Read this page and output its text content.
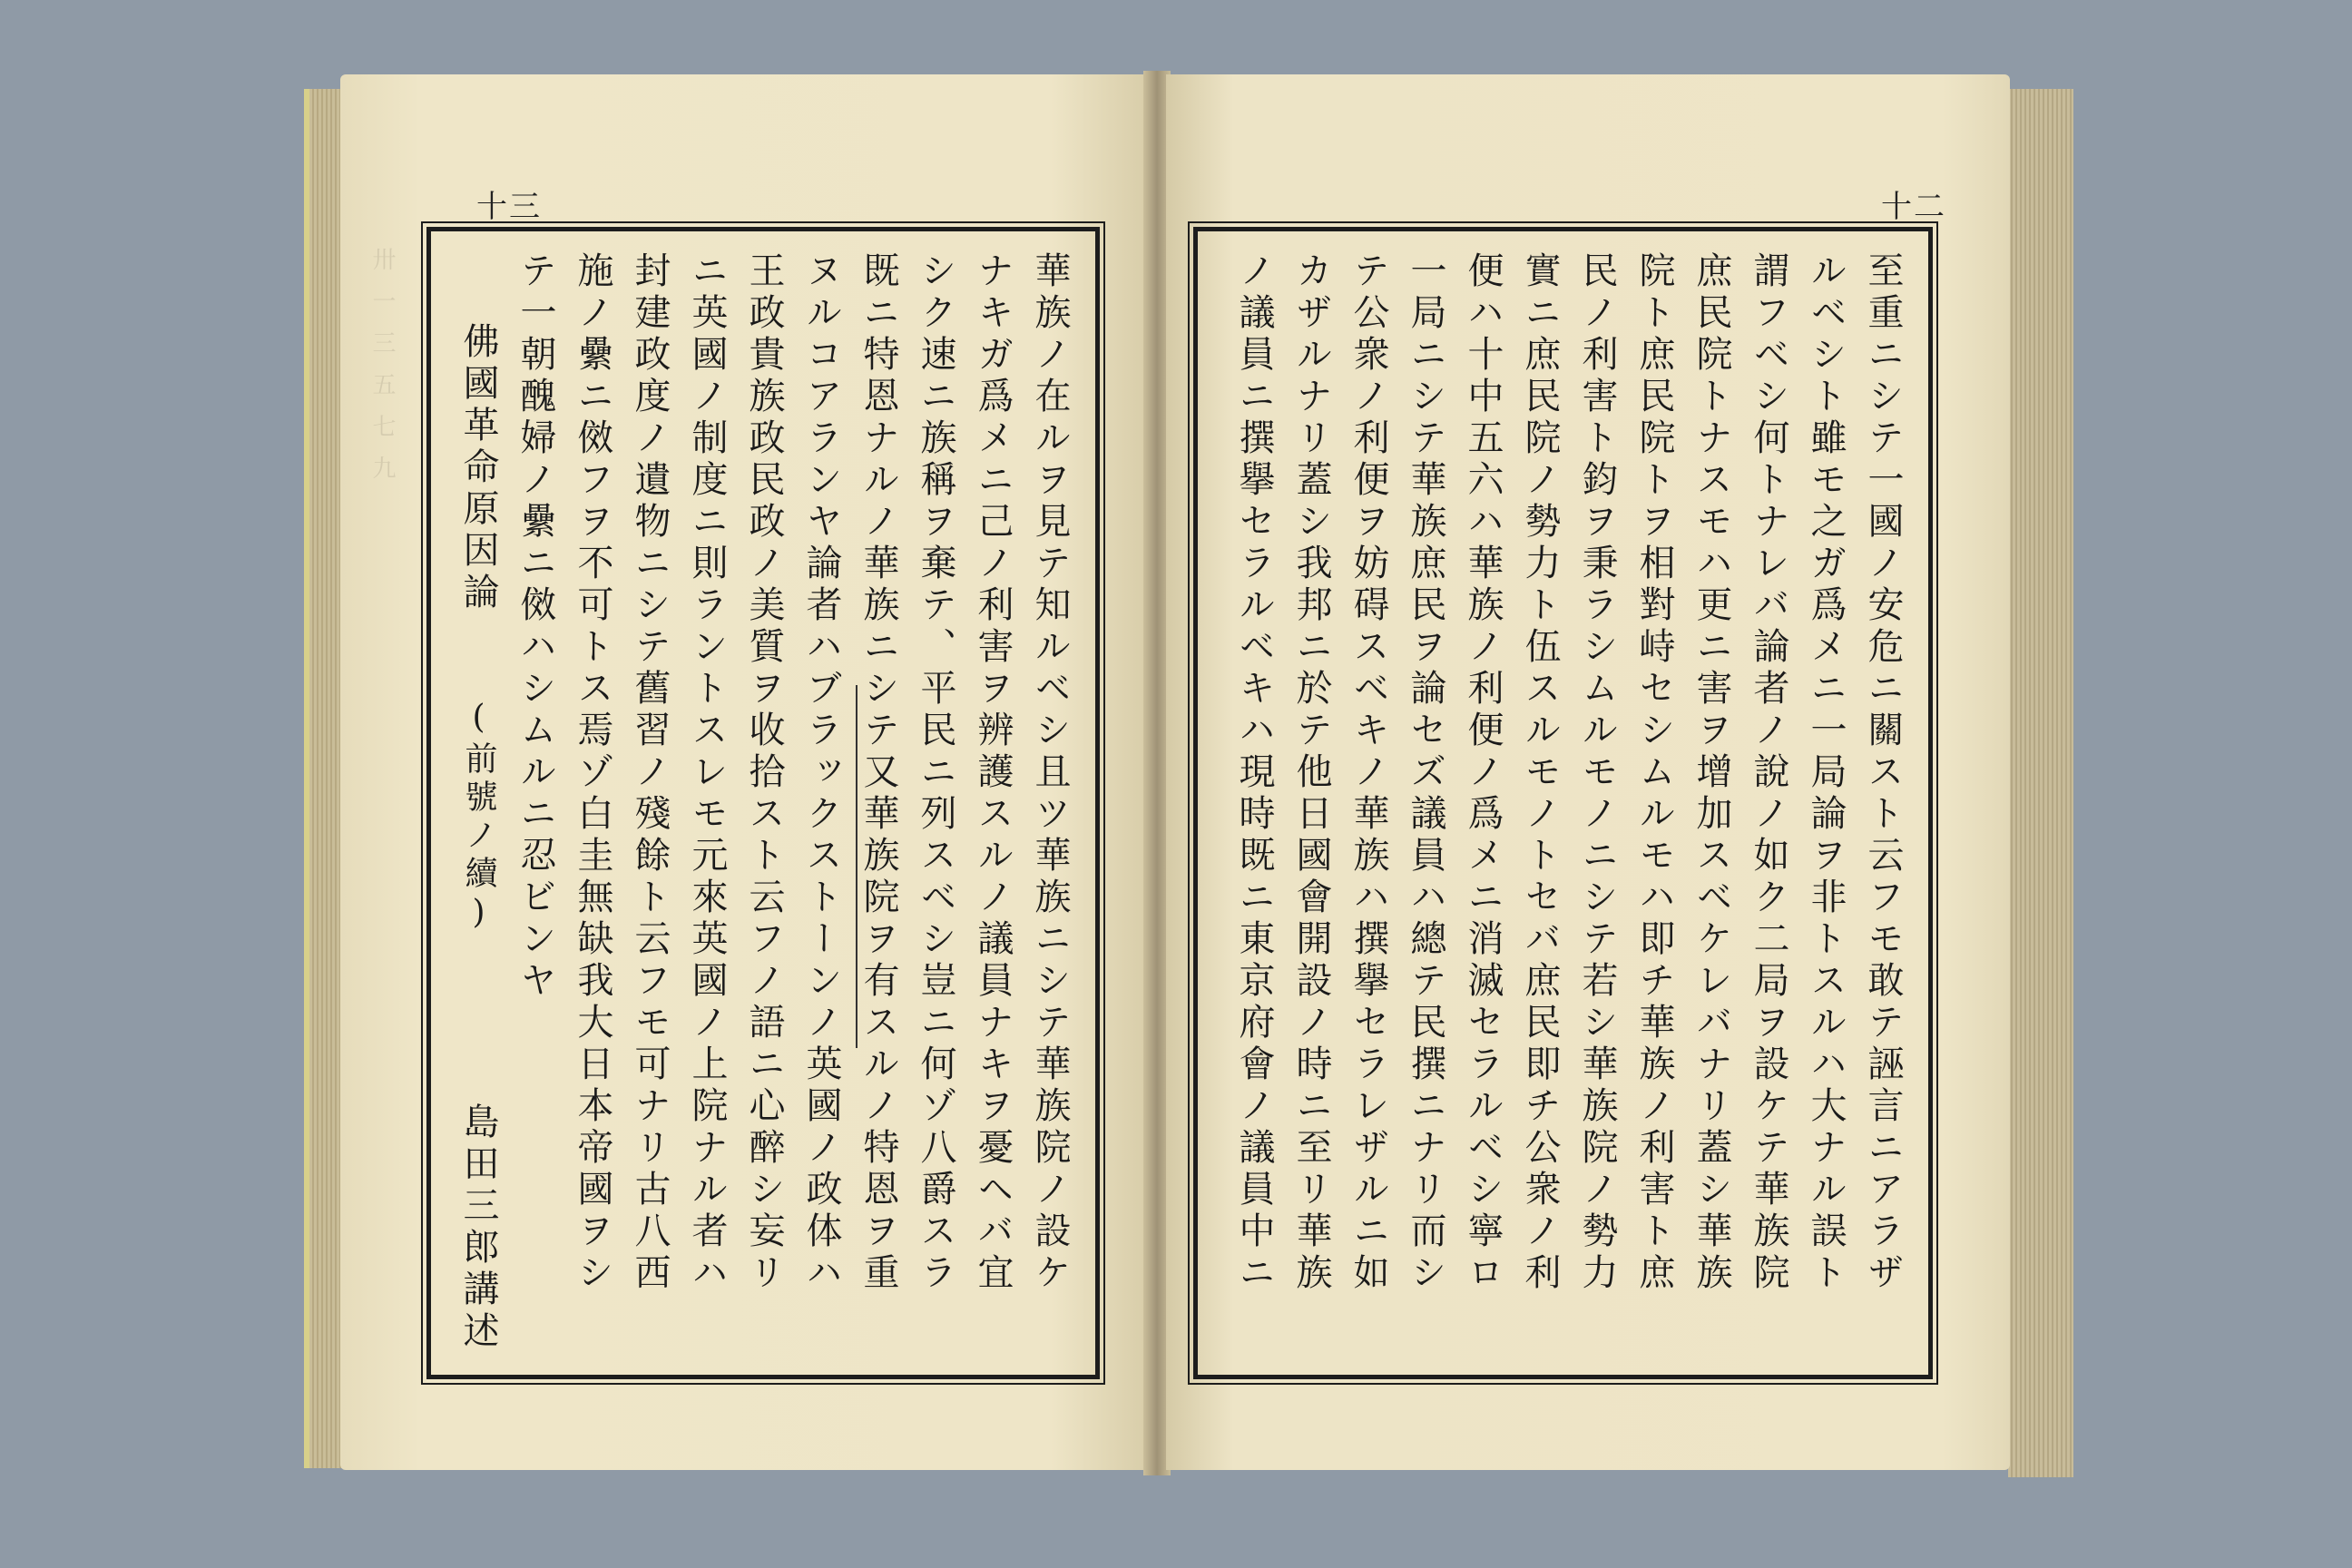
十三
華族ノ在ルヲ見テ知ルベシ且ツ華族ニシテ華族院ノ設ケ
ナキガ爲メニ己ノ利害ヲ辨護スルノ議員ナキヲ憂ヘバ宜
シク速ニ族稱ヲ棄テ、平民ニ列スベシ豈ニ何ゾ八爵スラ
既ニ特恩ナルノ華族ニシテ又華族院ヲ有スルノ特恩ヲ重
ヌルコアランヤ論者ハブラックストーンノ英國ノ政体ハ
王政貴族政民政ノ美質ヲ收拾スト云フノ語ニ心醉シ妄リ
ニ英國ノ制度ニ則ラントスレモ元來英國ノ上院ナル者ハ
封建政度ノ遺物ニシテ舊習ノ殘餘ト云フモ可ナリ古八西
施ノ纍ニ傚フヲ不可トス焉ゾ白圭無缺我大日本帝國ヲシ
テ一朝醜婦ノ纍ニ傚ハシムルニ忍ビンヤ
佛國革命原因論
(前號ノ續)
島田三郎講述
卅一三五七九
十二
至重ニシテ一國ノ安危ニ關スト云フモ敢テ誣言ニアラザ
ルベシト雖モ之ガ爲メニ一局論ヲ非トスルハ大ナル誤ト
謂フベシ何トナレバ論者ノ說ノ如ク二局ヲ設ケテ華族院
庶民院トナスモハ更ニ害ヲ增加スベケレバナリ蓋シ華族
院ト庶民院トヲ相對峙セシムルモハ即チ華族ノ利害ト庶
民ノ利害ト鈞ヲ秉ラシムルモノニシテ若シ華族院ノ勢力
實ニ庶民院ノ勢力ト伍スルモノトセバ庶民即チ公衆ノ利
便ハ十中五六ハ華族ノ利便ノ爲メニ消滅セラルベシ寧ロ
一局ニシテ華族庶民ヲ論セズ議員ハ總テ民撰ニナリ而シ
テ公衆ノ利便ヲ妨碍スベキノ華族ハ撰擧セラレザルニ如
カザルナリ蓋シ我邦ニ於テ他日國會開設ノ時ニ至リ華族
ノ議員ニ撰擧セラルベキハ現時既ニ東京府會ノ議員中ニ
